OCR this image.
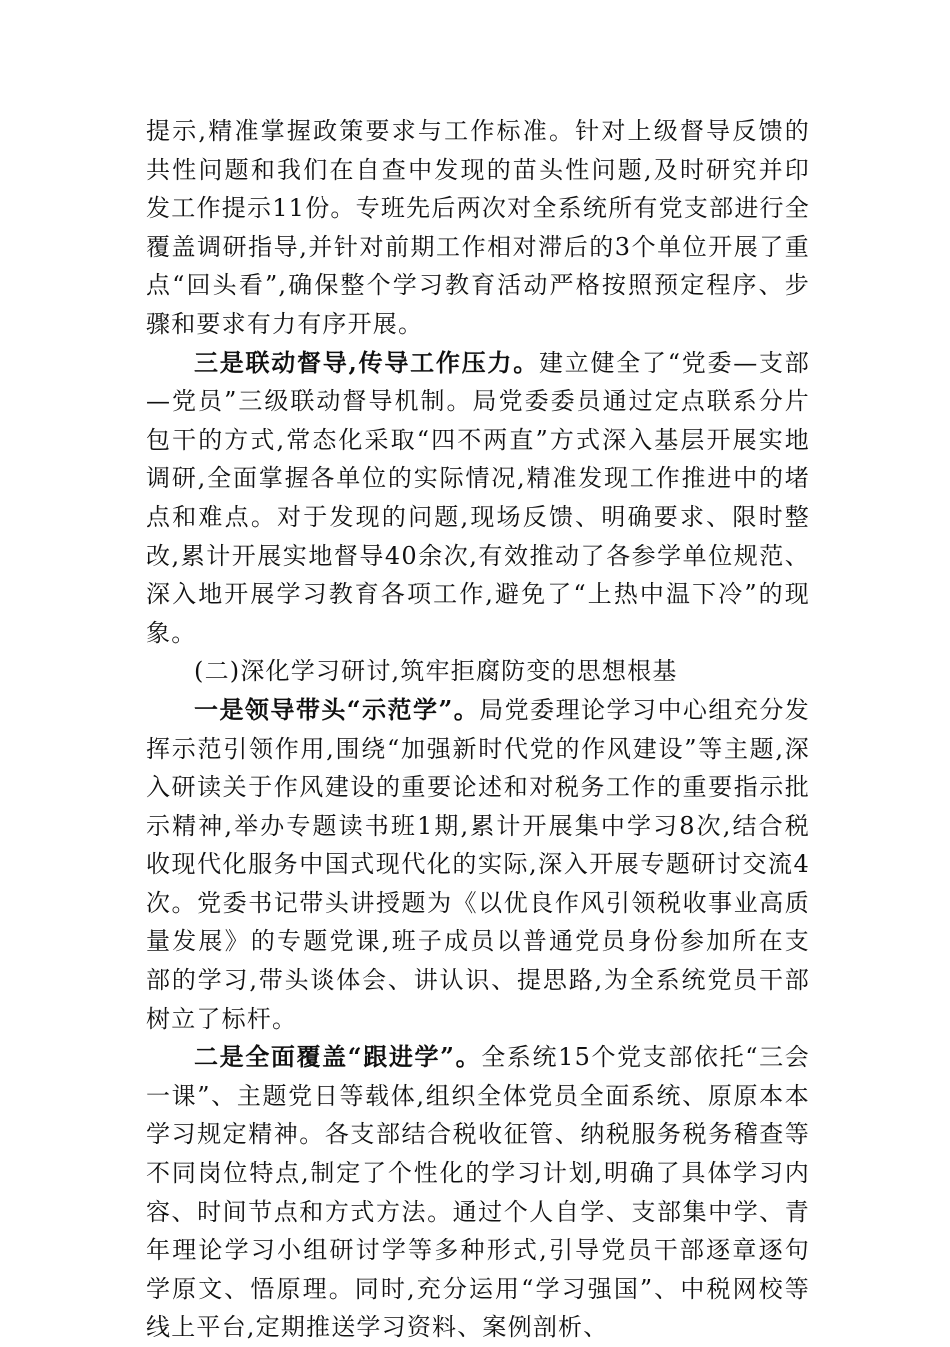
提示,精准掌握政策要求与工作标准。针对上级督导反馈的共性问题和我们在自查中发现的苗头性问题,及时研究并印发工作提示11份。专班先后两次对全系统所有党支部进行全覆盖调研指导,并针对前期工作相对滞后的3个单位开展了重点“回头看”,确保整个学习教育活动严格按照预定程序、步骤和要求有力有序开展。

三是联动督导,传导工作压力。建立健全了“党委—支部—党员”三级联动督导机制。局党委委员通过定点联系分片包干的方式,常态化采取“四不两直”方式深入基层开展实地调研,全面掌握各单位的实际情况,精准发现工作推进中的堵点和难点。对于发现的问题,现场反馈、明确要求、限时整改,累计开展实地督导40余次,有效推动了各参学单位规范、深入地开展学习教育各项工作,避免了“上热中温下冷”的现象。

(二)深化学习研讨,筑牢拒腐防变的思想根基

一是领导带头“示范学”。局党委理论学习中心组充分发挥示范引领作用,围绕“加强新时代党的作风建设”等主题,深入研读关于作风建设的重要论述和对税务工作的重要指示批示精神,举办专题读书班1期,累计开展集中学习8次,结合税收现代化服务中国式现代化的实际,深入开展专题研讨交流4次。党委书记带头讲授题为《以优良作风引领税收事业高质量发展》的专题党课,班子成员以普通党员身份参加所在支部的学习,带头谈体会、讲认识、提思路,为全系统党员干部树立了标杆。

二是全面覆盖“跟进学”。全系统15个党支部依托“三会一课”、主题党日等载体,组织全体党员全面系统、原原本本学习规定精神。各支部结合税收征管、纳税服务税务稽查等不同岗位特点,制定了个性化的学习计划,明确了具体学习内容、时间节点和方式方法。通过个人自学、支部集中学、青年理论学习小组研讨学等多种形式,引导党员干部逐章逐句学原文、悟原理。同时,充分运用“学习强国”、中税网校等线上平台,定期推送学习资料、案例剖析、
